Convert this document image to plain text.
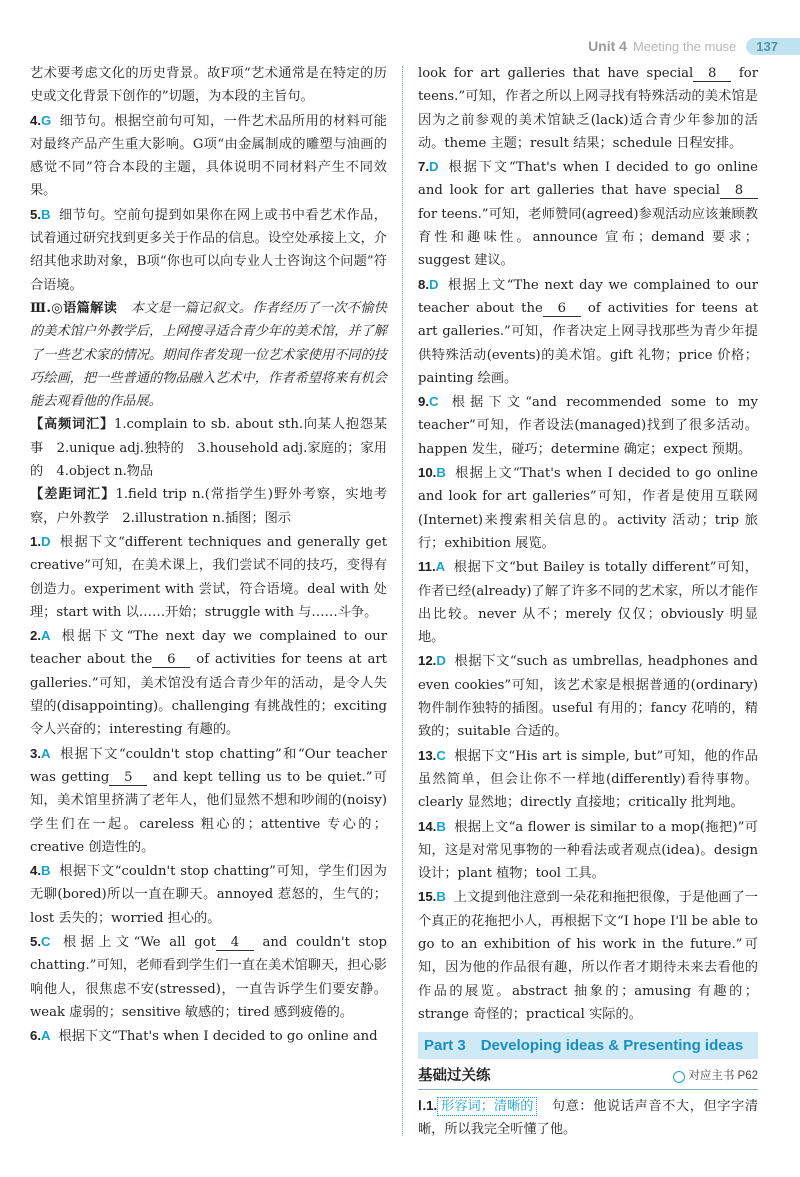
Unit 4 Meeting the muse	137

艺术要考虑文化的历史背景。故F项“艺术通常是在特定的历史或文化背景下创作的”切题，为本段的主旨句。

4.G 细节句。根据空前句可知，一件艺术品所用的材料可能对最终产品产生重大影响。G项“由金属制成的雕塑与油画的感觉不同”符合本段的主题，具体说明不同材料产生不同效果。

5.B 细节句。空前句提到如果你在网上或书中看艺术作品，试着通过研究找到更多关于作品的信息。设空处承接上文，介绍其他求助对象，B项“你也可以向专业人士咨询这个问题”符合语境。

Ⅲ.◎语篇解读　 本文是一篇记叙文。作者经历了一次不愉快的美术馆户外教学后，上网搜寻适合青少年的美术馆，并了解了一些艺术家的情况。期间作者发现一位艺术家使用不同的技巧绘画，把一些普通的物品融入艺术中，作者希望将来有机会能去观看他的作品展。

【高频词汇】1.complain to sb. about sth.向某人抱怨某事　2.unique adj.独特的　3.household adj.家庭的；家用的　4.object n.物品

【差距词汇】1.field trip n.(常指学生)野外考察，实地考察，户外教学　2.illustration n.插图；图示

1.D 根据下文“different techniques and generally get creative”可知，在美术课上，我们尝试不同的技巧，变得有创造力。experiment with 尝试，符合语境。deal with 处理；start with 以……开始；struggle with 与……斗争。

2.A 根据下文“The next day we complained to our teacher about the 6 of activities for teens at art galleries.”可知，美术馆没有适合青少年的活动，是令人失望的(disappointing)。challenging 有挑战性的；exciting 令人兴奋的；interesting 有趣的。

3.A 根据下文“couldn't stop chatting”和“Our teacher was getting 5 and kept telling us to be quiet.”可知，美术馆里挤满了老年人，他们显然不想和吵闹的(noisy)学生们在一起。careless 粗心的；attentive 专心的；creative 创造性的。

4.B 根据下文“couldn't stop chatting”可知，学生们因为无聊(bored)所以一直在聊天。annoyed 惹怒的，生气的；lost 丢失的；worried 担心的。

5.C 根据上文“We all got 4 and couldn't stop chatting.”可知，老师看到学生们一直在美术馆聊天，担心影响他人，很焦虑不安(stressed)，一直告诉学生们要安静。weak 虚弱的；sensitive 敏感的；tired 感到疲倦的。

6.A 根据下文“That's when I decided to go online and

look for art galleries that have special 8 for teens.”可知，作者之所以上网寻找有特殊活动的美术馆是因为之前参观的美术馆缺乏(lack)适合青少年参加的活动。theme 主题；result 结果；schedule 日程安排。

7.D 根据下文“That's when I decided to go online and look for art galleries that have special 8 for teens.”可知，老师赞同(agreed)参观活动应该兼顾教育性和趣味性。announce 宣布；demand 要求；suggest 建议。

8.D 根据上文“The next day we complained to our teacher about the 6 of activities for teens at art galleries.”可知，作者决定上网寻找那些为青少年提供特殊活动(events)的美术馆。gift 礼物；price 价格；painting 绘画。

9.C 根据下文“and recommended some to my teacher”可知，作者设法(managed)找到了很多活动。happen 发生，碰巧；determine 确定；expect 预期。

10.B 根据上文“That's when I decided to go online and look for art galleries”可知，作者是使用互联网(Internet)来搜索相关信息的。activity 活动；trip 旅行；exhibition 展览。

11.A 根据下文“but Bailey is totally different”可知，作者已经(already)了解了许多不同的艺术家，所以才能作出比较。never 从不；merely 仅仅；obviously 明显地。

12.D 根据下文“such as umbrellas, headphones and even cookies”可知，该艺术家是根据普通的(ordinary)物件制作独特的插图。useful 有用的；fancy 花哨的，精致的；suitable 合适的。

13.C 根据下文“His art is simple, but”可知，他的作品虽然简单，但会让你不一样地(differently)看待事物。clearly 显然地；directly 直接地；critically 批判地。

14.B 根据上文“a flower is similar to a mop(拖把)”可知，这是对常见事物的一种看法或者观点(idea)。design 设计；plant 植物；tool 工具。

15.B 上文提到他注意到一朵花和拖把很像，于是他画了一个真正的花拖把小人，再根据下文“I hope I'll be able to go to an exhibition of his work in the future.”可知，因为他的作品很有趣，所以作者才期待未来去看他的作品的展览。abstract 抽象的；amusing 有趣的；strange 奇怪的；practical 实际的。

Part 3　Developing ideas & Presenting ideas
基础过关练	对应主书 P62

Ⅰ.1. 形容词；清晰的　 句意：他说话声音不大，但字字清晰，所以我完全听懂了他。
